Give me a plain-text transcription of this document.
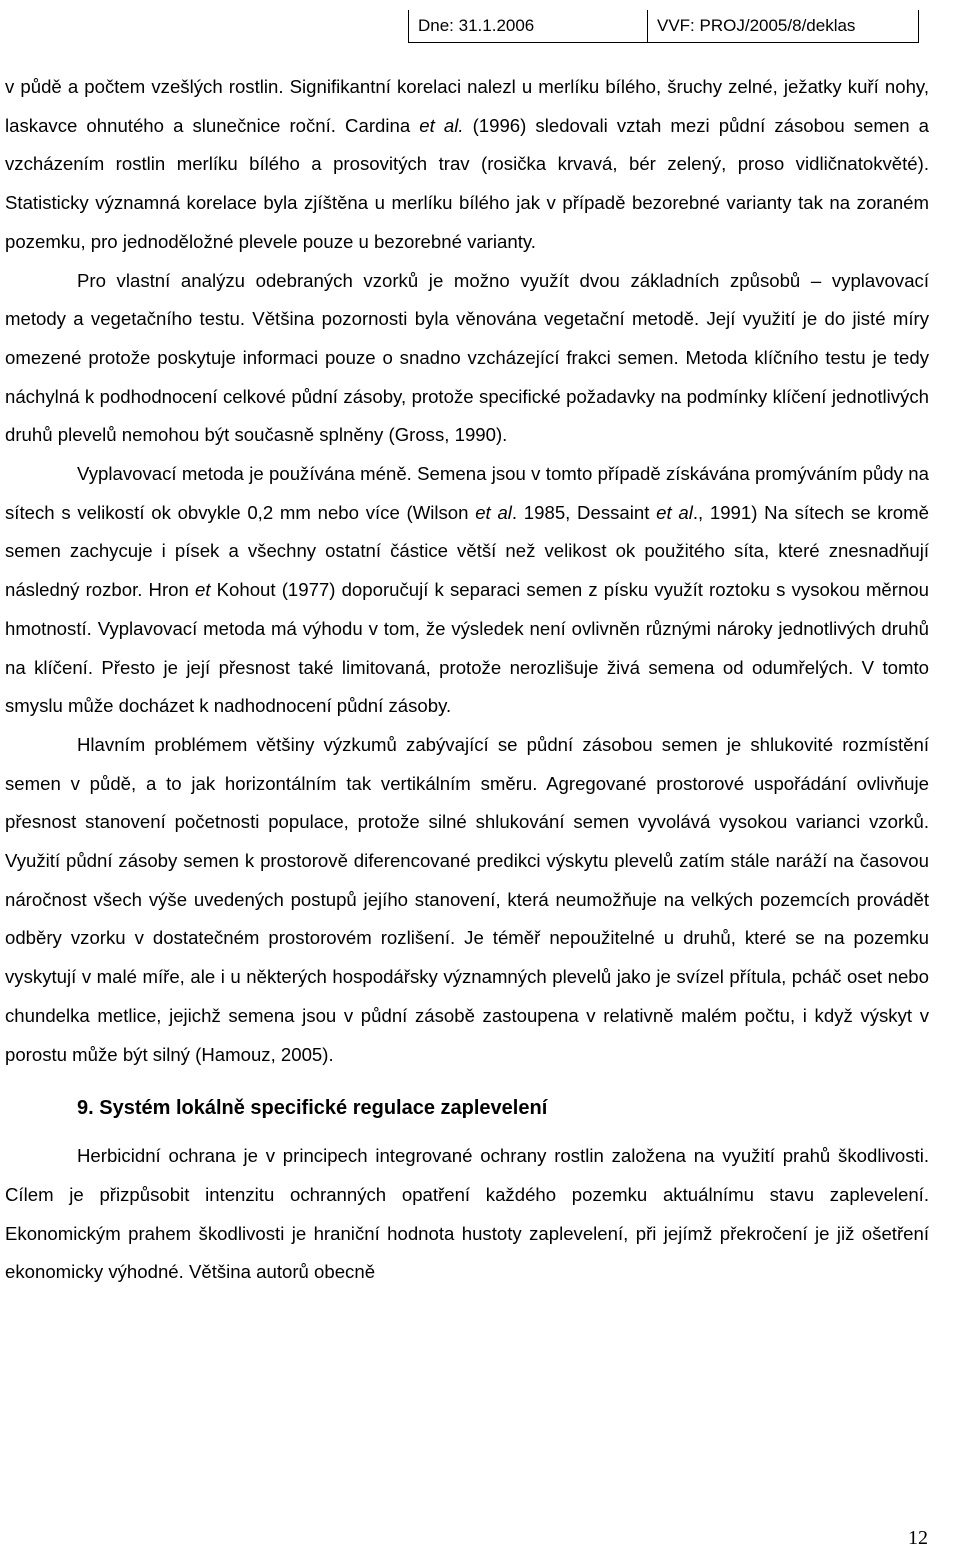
Dne: 31.1.2006	VVF: PROJ/2005/8/deklas

v půdě a počtem vzešlých rostlin. Signifikantní korelaci nalezl u merlíku bílého, šruchy zelné, ježatky kuří nohy, laskavce ohnutého a slunečnice roční. Cardina et al. (1996) sledovali vztah mezi půdní zásobou semen a vzcházením rostlin merlíku bílého a prosovitých trav (rosička krvavá, bér zelený, proso vidličnatokvěté). Statisticky významná korelace byla zjíštěna u merlíku bílého jak v případě bezorebné varianty tak na zoraném pozemku, pro jednoděložné plevele pouze u bezorebné varianty.

Pro vlastní analýzu odebraných vzorků je možno využít dvou základních způsobů – vyplavovací metody a vegetačního testu. Většina pozornosti byla věnována vegetační metodě. Její využití je do jisté míry omezené protože poskytuje informaci pouze o snadno vzcházející frakci semen. Metoda klíčního testu je tedy náchylná k podhodnocení celkové půdní zásoby, protože specifické požadavky na podmínky klíčení jednotlivých druhů plevelů nemohou být současně splněny (Gross, 1990).

Vyplavovací metoda je používána méně. Semena jsou v tomto případě získávána promýváním půdy na sítech s velikostí ok obvykle 0,2 mm nebo více (Wilson et al. 1985, Dessaint et al., 1991) Na sítech se kromě semen zachycuje i písek a všechny ostatní částice větší než velikost ok použitého síta, které znesnadňují následný rozbor. Hron et Kohout (1977) doporučují k separaci semen z písku využít roztoku s vysokou měrnou hmotností. Vyplavovací metoda má výhodu v tom, že výsledek není ovlivněn různými nároky jednotlivých druhů na klíčení. Přesto je její přesnost také limitovaná, protože nerozlišuje živá semena od odumřelých. V tomto smyslu může docházet k nadhodnocení půdní zásoby.

Hlavním problémem většiny výzkumů zabývající se půdní zásobou semen je shlukovité rozmístění semen v půdě, a to jak horizontálním tak vertikálním směru. Agregované prostorové uspořádání ovlivňuje přesnost stanovení početnosti populace, protože silné shlukování semen vyvolává vysokou varianci vzorků. Využití půdní zásoby semen k prostorově diferencované predikci výskytu plevelů zatím stále naráží na časovou náročnost všech výše uvedených postupů jejího stanovení, která neumožňuje na velkých pozemcích provádět odběry vzorku v dostatečném prostorovém rozlišení. Je téměř nepoužitelné u druhů, které se na pozemku vyskytují v malé míře, ale i u některých hospodářsky významných plevelů jako je svízel přítula, pcháč oset nebo chundelka metlice, jejichž semena jsou v půdní zásobě zastoupena v relativně malém počtu, i když výskyt v porostu může být silný (Hamouz, 2005).

9. Systém lokálně specifické regulace zaplevelení

Herbicidní ochrana je v principech integrované ochrany rostlin založena na využití prahů škodlivosti. Cílem je přizpůsobit intenzitu ochranných opatření každého pozemku aktuálnímu stavu zaplevelení. Ekonomickým prahem škodlivosti je hraniční hodnota hustoty zaplevelení, při jejímž překročení je již ošetření ekonomicky výhodné. Většina autorů obecně

12
